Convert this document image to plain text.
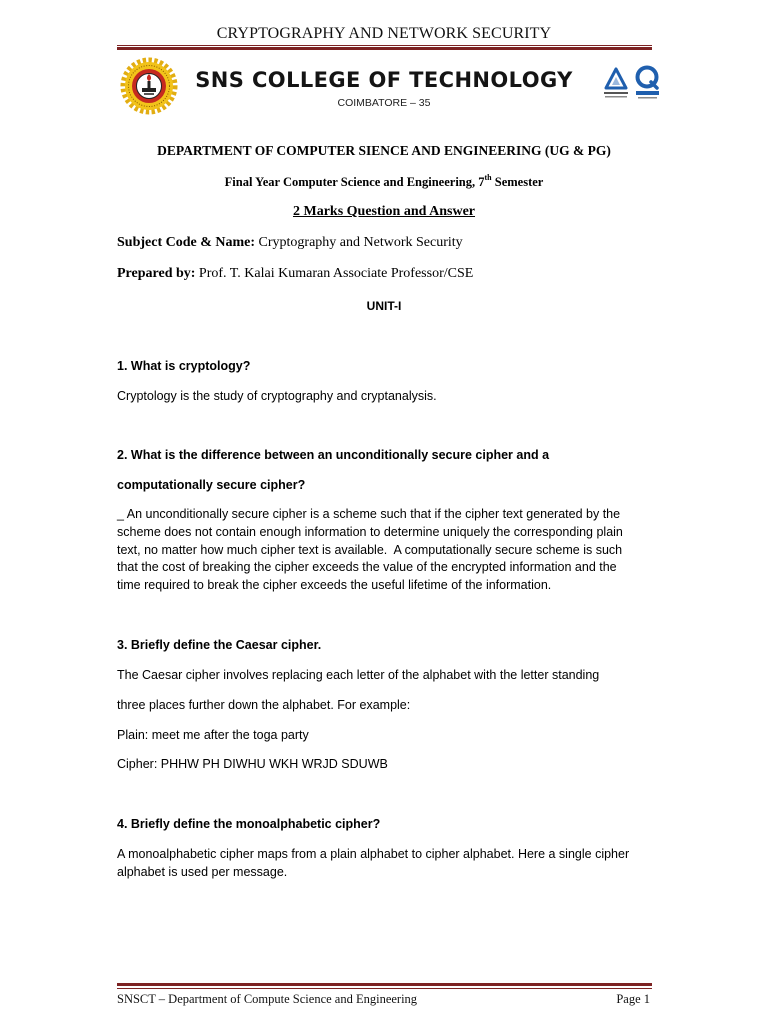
CRYPTOGRAPHY AND NETWORK SECURITY
SNS COLLEGE OF TECHNOLOGY
COIMBATORE – 35
DEPARTMENT OF COMPUTER SIENCE AND ENGINEERING (UG & PG)
Final Year Computer Science and Engineering, 7th Semester
2 Marks Question and Answer
Subject Code & Name: Cryptography and Network Security
Prepared by: Prof. T. Kalai Kumaran Associate Professor/CSE
UNIT-I
1. What is cryptology?
Cryptology is the study of cryptography and cryptanalysis.
2. What is the difference between an unconditionally secure cipher and a
computationally secure cipher?
_ An unconditionally secure cipher is a scheme such that if the cipher text generated by the
scheme does not contain enough information to determine uniquely the corresponding plain
text, no matter how much cipher text is available.  A computationally secure scheme is such
that the cost of breaking the cipher exceeds the value of the encrypted information and the
time required to break the cipher exceeds the useful lifetime of the information.
3. Briefly define the Caesar cipher.
The Caesar cipher involves replacing each letter of the alphabet with the letter standing
three places further down the alphabet. For example:
Plain: meet me after the toga party
Cipher: PHHW PH DIWHU WKH WRJD SDUWB
4. Briefly define the monoalphabetic cipher?
A monoalphabetic cipher maps from a plain alphabet to cipher alphabet. Here a single cipher
alphabet is used per message.
SNSCT – Department of Compute Science and Engineering	Page 1
